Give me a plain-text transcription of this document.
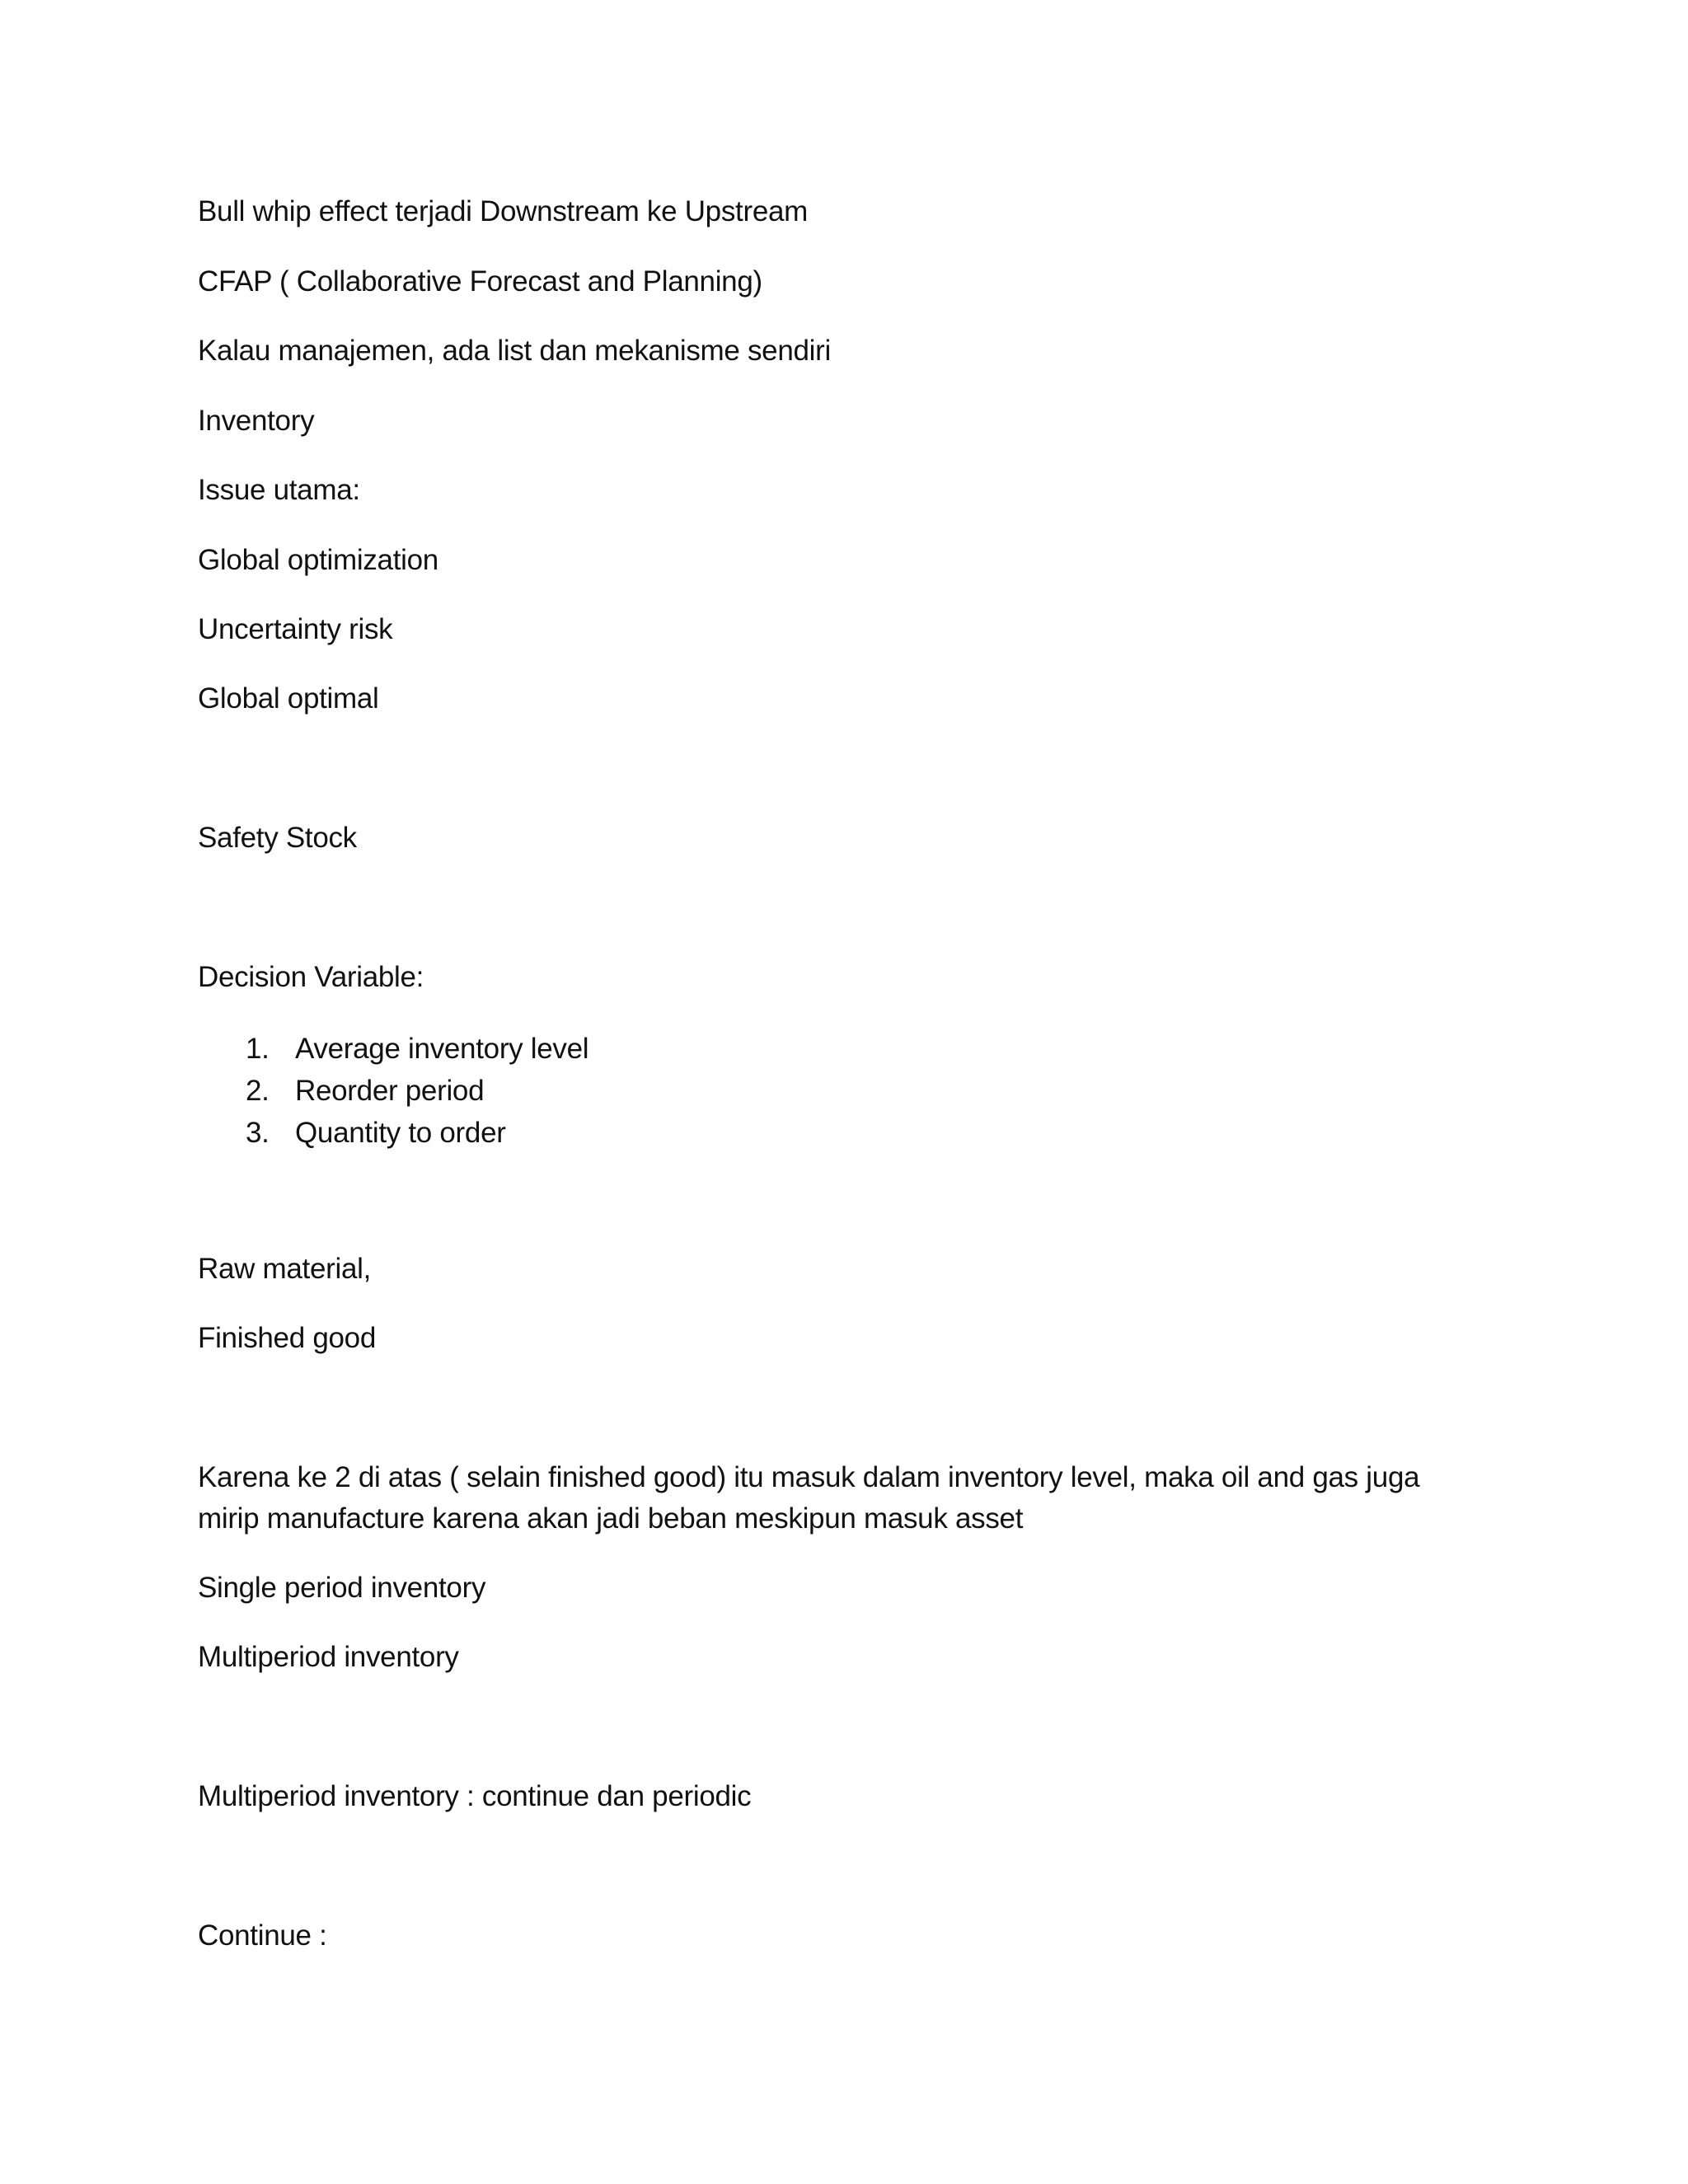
Bull whip effect terjadi Downstream ke Upstream
CFAP ( Collaborative Forecast and Planning)
Kalau manajemen, ada list dan mekanisme sendiri
Inventory
Issue utama:
Global optimization
Uncertainty risk
Global optimal
Safety Stock
Decision Variable:
1. Average inventory level
2. Reorder period
3. Quantity to order
Raw material,
Finished good
Karena ke 2 di atas ( selain finished good) itu masuk dalam inventory level, maka oil and gas juga mirip manufacture karena akan jadi beban meskipun masuk asset
Single period inventory
Multiperiod inventory
Multiperiod inventory : continue dan periodic
Continue :
